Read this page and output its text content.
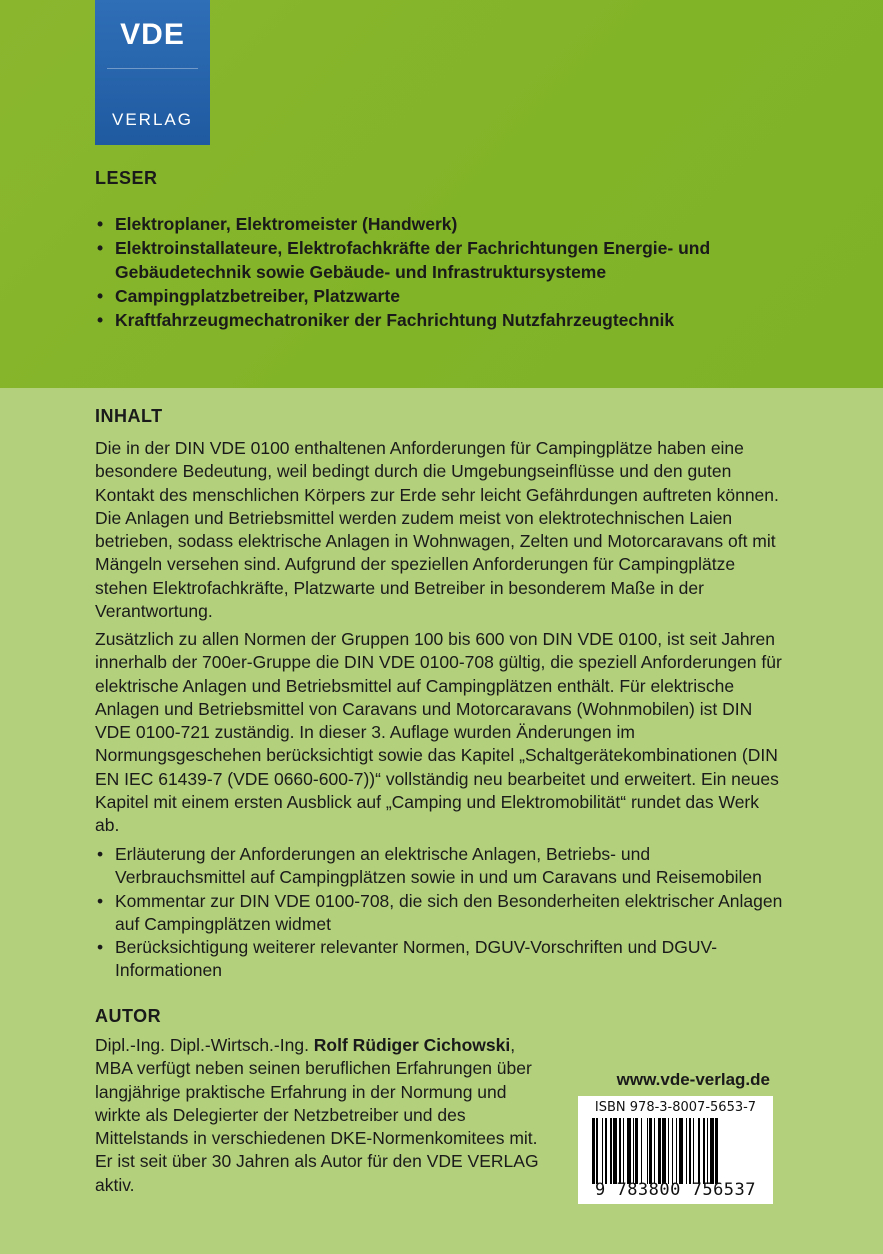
VDE
VERLAG
LESER
• Elektroplaner, Elektromeister (Handwerk)
• Elektroinstallateure, Elektrofachkräfte der Fachrichtungen Energie- und Gebäudetechnik sowie Gebäude- und Infrastruktursysteme
• Campingplatzbetreiber, Platzwarte
• Kraftfahrzeugmechatroniker der Fachrichtung Nutzfahrzeugtechnik
INHALT

Die in der DIN VDE 0100 enthaltenen Anforderungen für Campingplätze haben eine besondere Bedeutung, weil bedingt durch die Umgebungseinflüsse und den guten Kontakt des menschlichen Körpers zur Erde sehr leicht Gefährdungen auftreten können. Die Anlagen und Betriebsmittel werden zudem meist von elektrotechnischen Laien betrieben, sodass elektrische Anlagen in Wohnwagen, Zelten und Motorcaravans oft mit Mängeln versehen sind. Aufgrund der speziellen Anforderungen für Campingplätze stehen Elektrofachkräfte, Platzwarte und Betreiber in besonderem Maße in der Verantwortung.

Zusätzlich zu allen Normen der Gruppen 100 bis 600 von DIN VDE 0100, ist seit Jahren innerhalb der 700er-Gruppe die DIN VDE 0100-708 gültig, die speziell Anforderungen für elektrische Anlagen und Betriebsmittel auf Campingplätzen enthält. Für elektrische Anlagen und Betriebsmittel von Caravans und Motorcaravans (Wohnmobilen) ist DIN VDE 0100-721 zuständig. In dieser 3. Auflage wurden Änderungen im Normungsgeschehen berücksichtigt sowie das Kapitel „Schaltgerätekombinationen (DIN EN IEC 61439-7 (VDE 0660-600-7))“ vollständig neu bearbeitet und erweitert. Ein neues Kapitel mit einem ersten Ausblick auf „Camping und Elektromobilität“ rundet das Werk ab.

• Erläuterung der Anforderungen an elektrische Anlagen, Betriebs- und Verbrauchsmittel auf Campingplätzen sowie in und um Caravans und Reisemobilen
• Kommentar zur DIN VDE 0100-708, die sich den Besonderheiten elektrischer Anlagen auf Campingplätzen widmet
• Berücksichtigung weiterer relevanter Normen, DGUV-Vorschriften und DGUV-Informationen
AUTOR

Dipl.-Ing. Dipl.-Wirtsch.-Ing. Rolf Rüdiger Cichowski, MBA verfügt neben seinen beruflichen Erfahrungen über langjährige praktische Erfahrung in der Normung und wirkte als Delegierter der Netzbetreiber und des Mittelstands in verschiedenen DKE-Normenkomitees mit. Er ist seit über 30 Jahren als Autor für den VDE VERLAG aktiv.

www.vde-verlag.de
ISBN 978-3-8007-5653-7
9 783800 756537
